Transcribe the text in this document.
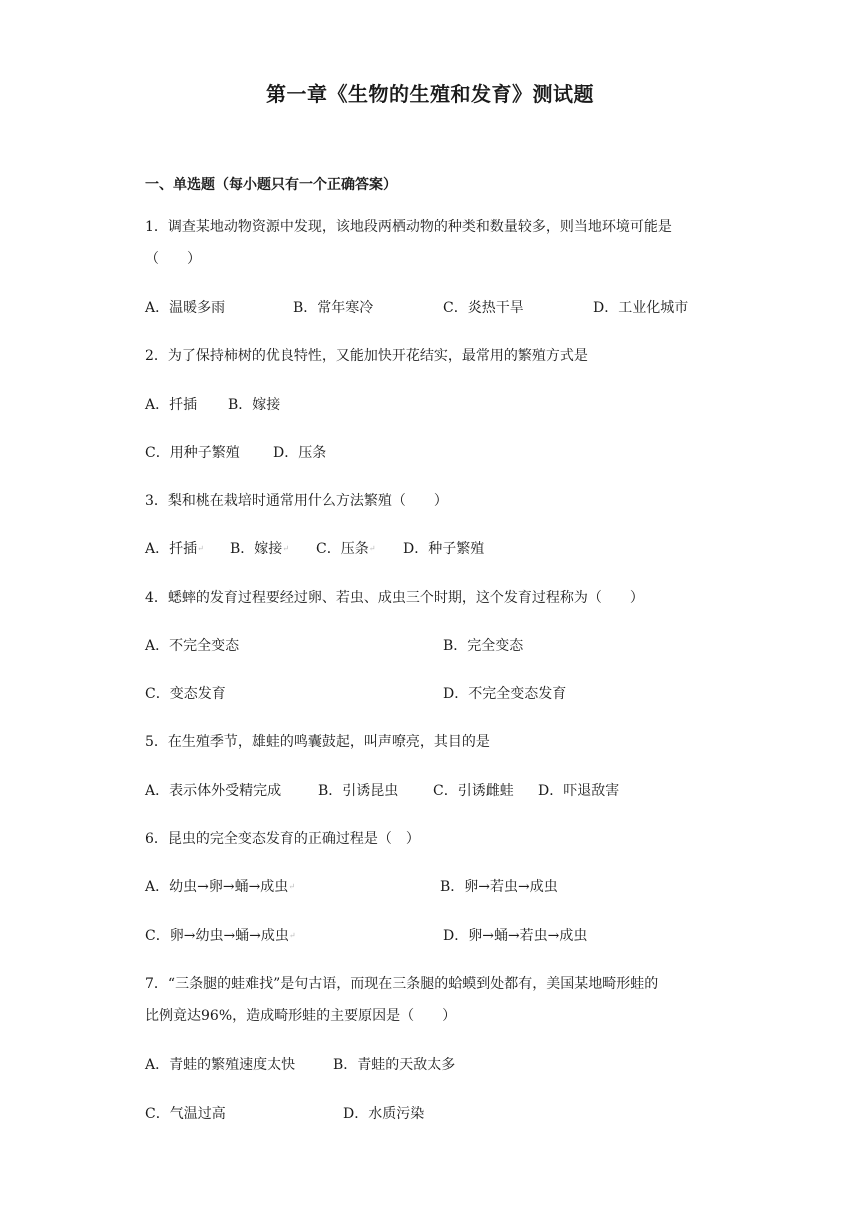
第一章《生物的生殖和发育》测试题
一、单选题（每小题只有一个正确答案）
1．调查某地动物资源中发现，该地段两栖动物的种类和数量较多，则当地环境可能是
（　　）
A．温暖多雨	B．常年寒冷	C．炎热干旱	D．工业化城市
2．为了保持柿树的优良特性，又能加快开花结实，最常用的繁殖方式是
A．扦插 B．嫁接
C．用种子繁殖 D．压条
3．梨和桃在栽培时通常用什么方法繁殖（　　）
A．扦插↵ B．嫁接↵ C．压条↵ D．种子繁殖
4．蟋蟀的发育过程要经过卵、若虫、成虫三个时期，这个发育过程称为（　　）
A．不完全变态	B．完全变态
C．变态发育	D．不完全变态发育
5．在生殖季节，雄蛙的鸣囊鼓起，叫声嘹亮，其目的是
A．表示体外受精完成	B．引诱昆虫 C．引诱雌蛙 D．吓退敌害
6．昆虫的完全变态发育的正确过程是（　）
A．幼虫→卵→蛹→成虫↵	B．卵→若虫→成虫
C．卵→幼虫→蛹→成虫↵	D．卵→蛹→若虫→成虫
7．“三条腿的蛙难找”是句古语，而现在三条腿的蛤蟆到处都有，美国某地畸形蛙的
比例竟达96%，造成畸形蛙的主要原因是（　　）
A．青蛙的繁殖速度太快	B．青蛙的天敌太多
C．气温过高	D．水质污染
